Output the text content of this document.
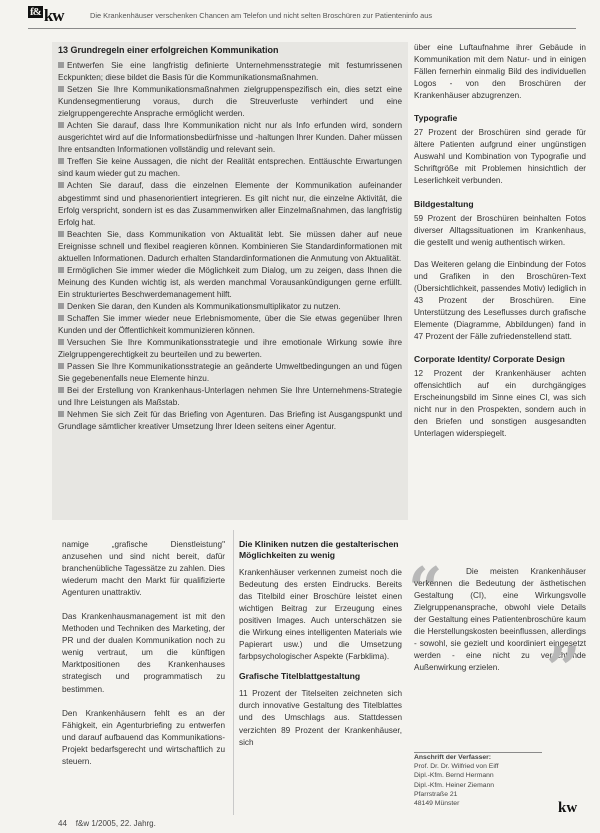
f& kw	Die Krankenhäuser verschenken Chancen am Telefon und nicht selten Broschüren zur Patienteninfo aus
13 Grundregeln einer erfolgreichen Kommunikation

Entwerfen Sie eine langfristig definierte Unternehmensstrategie mit festumrissenen Eckpunkten; diese bildet die Basis für die Kommunikationsmaßnahmen.

Setzen Sie Ihre Kommunikationsmaßnahmen zielgruppenspezifisch ein, dies setzt eine Kundensegmentierung voraus, durch die Streuverluste verhindert und eine zielgruppengerechte Ansprache ermöglicht werden.

Achten Sie darauf, dass Ihre Kommunikation nicht nur als Info erfunden wird, sondern ausgerichtet wird auf die Informationsbedürfnisse und -haltungen Ihrer Kunden. Daher müssen Ihre entsandten Informationen vollständig und relevant sein.

Treffen Sie keine Aussagen, die nicht der Realität entsprechen. Enttäuschte Erwartungen sind kaum wieder gut zu machen.

Achten Sie darauf, dass die einzelnen Elemente der Kommunikation aufeinander abgestimmt sind und phasenorientiert integrieren. Es gilt nicht nur, die einzelne Aktivität, die Erfolg verspricht, sondern ist es das Zusammenwirken aller Einzelmaßnahmen, das langfristig Erfolg hat.

Beachten Sie, dass Kommunikation von Aktualität lebt. Sie müssen daher auf neue Ereignisse schnell und flexibel reagieren können. Kombinieren Sie Standardinformationen mit aktuellen Informationen. Dadurch erhalten Standardinformationen die Anmutung von Aktualität.

Ermöglichen Sie immer wieder die Möglichkeit zum Dialog, um zu zeigen, dass Ihnen die Meinung des Kunden wichtig ist, als werden manchmal Vorausankündigungen gerne erfüllt. Ein strukturiertes Beschwerdemanagement hilft.

Denken Sie daran, den Kunden als Kommunikationsmultiplikator zu nutzen.

Schaffen Sie immer wieder neue Erlebnismomente, über die Sie etwas gegenüber Ihren Kunden und der Öffentlichkeit kommunizieren können.

Versuchen Sie Ihre Kommunikationsstrategie und ihre emotionale Wirkung sowie ihre Zielgruppengerechtigkeit zu beurteilen und zu bewerten.

Passen Sie Ihre Kommunikationsstrategie an geänderte Umweltbedingungen an und fügen Sie gegebenenfalls neue Elemente hinzu.

Bei der Erstellung von Krankenhaus-Unterlagen nehmen Sie Ihre Unternehmens-Strategie und Ihre Leistungen als Maßstab.

Nehmen Sie sich Zeit für das Briefing von Agenturen. Das Briefing ist Ausgangspunkt und Grundlage sämtlicher kreativer Umsetzung Ihrer Ideen seitens einer Agentur.

über eine Luftaufnahme ihrer Gebäude in Kommunikation mit dem Natur- und in einigen Fällen fernerhin einmalig Bild des individuellen Logos - von den Broschüren der Krankenhäuser abzugrenzen.

Typografie

27 Prozent der Broschüren sind gerade für ältere Patienten aufgrund einer ungünstigen Auswahl und Kombination von Typografie und Schriftgröße mit Problemen hinsichtlich der Leserlichkeit verbunden.

Bildgestaltung

59 Prozent der Broschüren beinhalten Fotos diverser Alltagssituationen im Krankenhaus, die gestellt und wenig authentisch wirken.

Das Weiteren gelang die Einbindung der Fotos und Grafiken in den Broschüren-Text (Übersichtlichkeit, passendes Motiv) lediglich in 43 Prozent der Broschüren. Eine Unterstützung des Leseflusses durch grafische Elemente (Diagramme, Abbildungen) fand in 47 Prozent der Fälle zufriedenstellend statt.

Corporate Identity/ Corporate Design

12 Prozent der Krankenhäuser achten offensichtlich auf ein durchgängiges Erscheinungsbild im Sinne eines CI, was sich nicht nur in den Prospekten, sondern auch in den Briefen und sonstigen ausgesandten Unterlagen widerspiegelt.

namige „grafische Dienstleistung" anzusehen und sind nicht bereit, dafür branchenübliche Tagessätze zu zahlen. Dies wiederum macht den Markt für qualifizierte Agenturen unattraktiv.

Das Krankenhausmanagement ist mit den Methoden und Techniken des Marketing, der PR und der dualen Kommunikation noch zu wenig vertraut, um die künftigen Marktpositionen des Krankenhauses strategisch und programmatisch zu bestimmen.

Den Krankenhäusern fehlt es an der Fähigkeit, ein Agenturbriefing zu entwerfen und darauf aufbauend das Kommunikations-Projekt bedarfsgerecht und wirtschaftlich zu steuern.

Die Kliniken nutzen die gestalterischen Möglichkeiten zu wenig

Krankenhäuser verkennen zumeist noch die Bedeutung des ersten Eindrucks. Bereits das Titelbild einer Broschüre leistet einen wichtigen Beitrag zur Erzeugung eines positiven Images. Auch unterschätzen sie die Wirkung eines intelligenten Materials wie Papierart usw.) und die Umsetzung farbpsychologischer Aspekte (Farbklima).

Grafische Titelblattgestaltung

11 Prozent der Titelseiten zeichneten sich durch innovative Gestaltung des Titelblattes und des Umschlags aus. Stattdessen verzichten 89 Prozent der Krankenhäuser, sich

“	Die meisten Krankenhäuser verkennen die Bedeutung der ästhetischen Gestaltung (CI), eine Wirkungsvolle Zielgruppenansprache, obwohl viele Details der Gestaltung eines Patientenbroschüre kaum die Herstellungskosten beeinflussen, allerdings - sowohl, sie gezielt und koordiniert eingesetzt werden - eine nicht zu verachtende Außenwirkung erzielen. ”
Anschrift der Verfasser:
Prof. Dr. Dr. Wilfried von Eiff
Dipl.-Kfm. Bernd Hermann
Dipl.-Kfm. Heiner Ziemann
Pfarrstraße 21
48149 Münster
44 f&w 1/2005, 22. Jahrg.
kw
